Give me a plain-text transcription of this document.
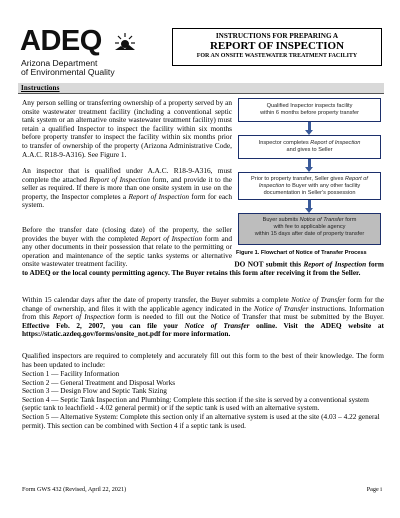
ADEQ
Arizona Department
of Environmental Quality
INSTRUCTIONS FOR PREPARING A
REPORT OF INSPECTION
FOR AN ONSITE WASTEWATER TREATMENT FACILITY
Instructions
Any person selling or transferring ownership of a property served by an onsite wastewater treatment facility (including a conventional septic tank system or an alternative onsite wastewater treatment facility) must retain a qualified Inspector to inspect the facility within six months before property transfer to inspect the facility within six months prior to transfer of ownership of the property (Arizona Administrative Code, A.A.C. R18-9-A316). See Figure 1.
An inspector that is qualified under A.A.C. R18-9-A316, must complete the attached Report of Inspection form, and provide it to the seller as required. If there is more than one onsite system in use on the property, the Inspector completes a Report of Inspection form for each system.
Before the transfer date (closing date) of the property, the seller provides the buyer with the completed Report of Inspection form and any other documents in their possession that relate to the permitting or operation and maintenance of the septic tanks systems or alternative onsite wastewater treatment facility.	DO NOT submit this Report of Inspection form to ADEQ or the local county permitting agency. The Buyer retains this form after receiving it from the Seller.
Within 15 calendar days after the date of property transfer, the Buyer submits a complete Notice of Transfer form for the change of ownership, and files it with the applicable agency indicated in the Notice of Transfer instructions. Information from this Report of Inspection form is needed to fill out the Notice of Transfer that must be submitted by the Buyer. Effective Feb. 2, 2007, you can file your Notice of Transfer online. Visit the ADEQ website at https://static.azdeq.gov/forms/onsite_not.pdf for more information.
Qualified inspectors are required to completely and accurately fill out this form to the best of their knowledge. The form has been updated to include:
Section 1 — Facility Information
Section 2 — General Treatment and Disposal Works
Section 3 — Design Flow and Septic Tank Sizing
Section 4 — Septic Tank Inspection and Plumbing: Complete this section if the site is served by a conventional system (septic tank to leachfield - 4.02 general permit) or if the septic tank is used with an alternative system.
Section 5 — Alternative System: Complete this section only if an alternative system is used at the site (4.03 – 4.22 general permit). This section can be combined with Section 4 if a septic tank is used.
Qualified Inspector inspects facility
within 6 months before property transfer
Inspector completes Report of Inspection
and gives to Seller
Prior to property transfer, Seller gives Report of
Inspection to Buyer with any other facility
documentation in Seller's possession
Buyer submits Notice of Transfer form
with fee to applicable agency
within 15 days after date of property transfer
Figure 1. Flowchart of Notice of Transfer Process
Form GWS 432 (Revised, April 22, 2021)	Page i
